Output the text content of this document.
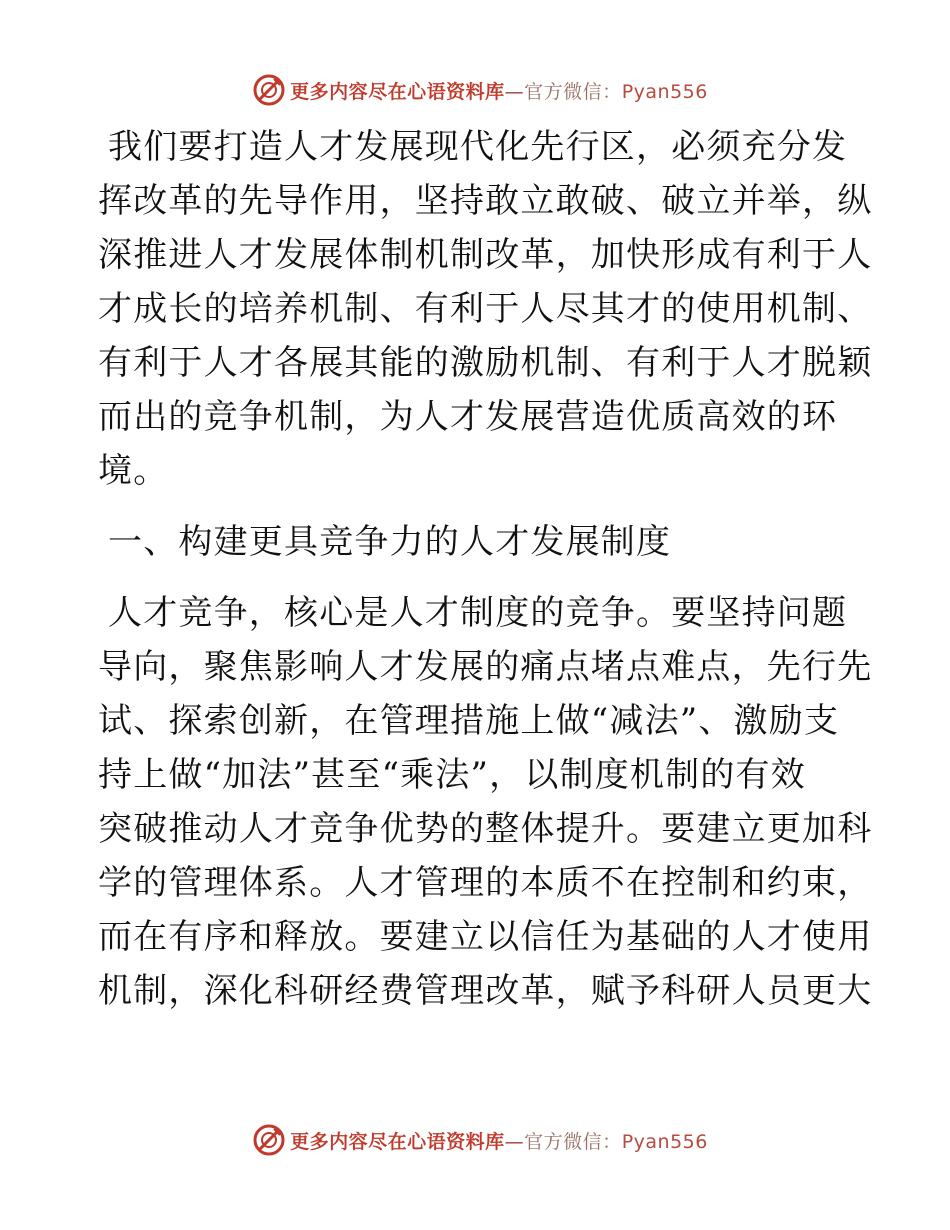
更多内容尽在心语资料库—官方微信：Pyan556
我们要打造人才发展现代化先行区，必须充分发
挥改革的先导作用，坚持敢立敢破、破立并举，纵
深推进人才发展体制机制改革，加快形成有利于人
才成长的培养机制、有利于人尽其才的使用机制、
有利于人才各展其能的激励机制、有利于人才脱颖
而出的竞争机制，为人才发展营造优质高效的环
境。
一、构建更具竞争力的人才发展制度
人才竞争，核心是人才制度的竞争。要坚持问题
导向，聚焦影响人才发展的痛点堵点难点，先行先
试、探索创新，在管理措施上做“减法”、激励支
持上做“加法”甚至“乘法”，以制度机制的有效
突破推动人才竞争优势的整体提升。要建立更加科
学的管理体系。人才管理的本质不在控制和约束，
而在有序和释放。要建立以信任为基础的人才使用
机制，深化科研经费管理改革，赋予科研人员更大
更多内容尽在心语资料库—官方微信：Pyan556
